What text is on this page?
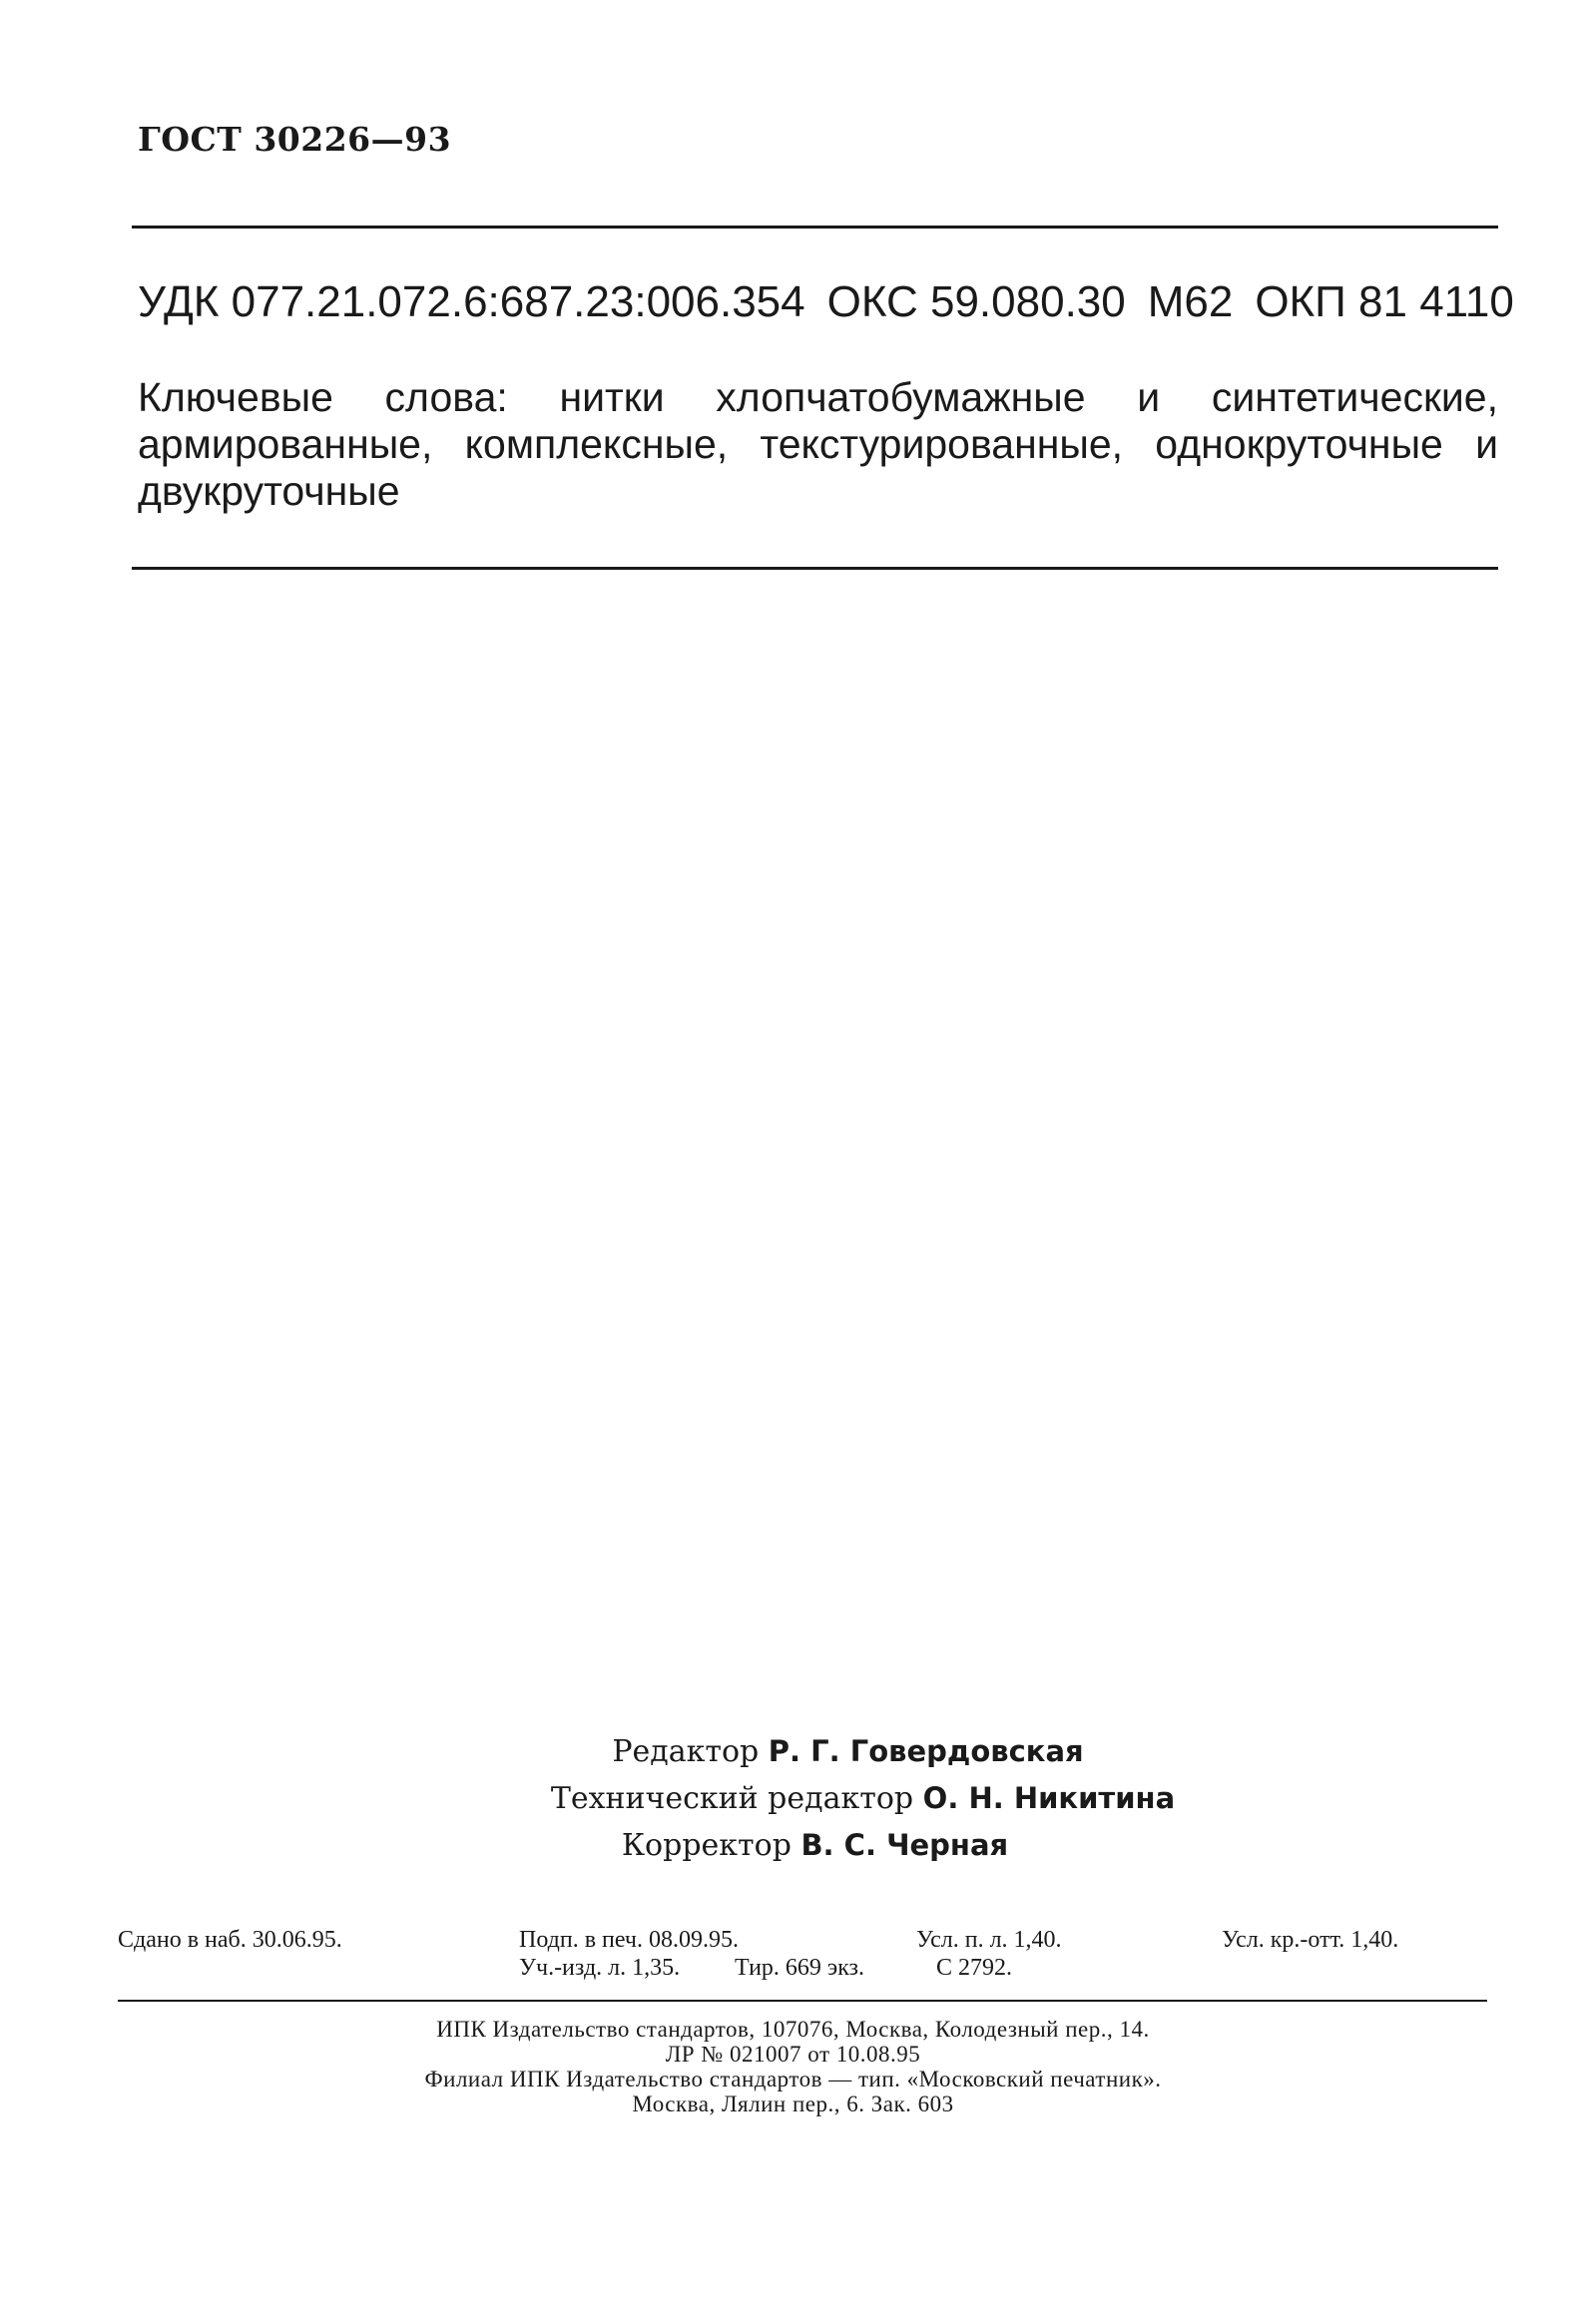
ГОСТ 30226—93
УДК 077.21.072.6:687.23:006.354 ОКС 59.080.30 М62 ОКП 81 4110
Ключевые слова: нитки хлопчатобумажные и синтетические, армированные, комплексные, текстурированные, однокруточные и двукруточные
Редактор Р. Г. Говердовская
Технический редактор О. Н. Никитина
Корректор В. С. Черная
Сдано в наб. 30.06.95.	Подп. в печ. 08.09.95.	Усл. п. л. 1,40.	Усл. кр.-отт. 1,40.
Уч.-изд. л. 1,35. Тир. 669 экз.	С 2792.
ИПК Издательство стандартов, 107076, Москва, Колодезный пер., 14.
ЛР № 021007 от 10.08.95
Филиал ИПК Издательство стандартов — тип. «Московский печатник».
Москва, Лялин пер., 6. Зак. 603
